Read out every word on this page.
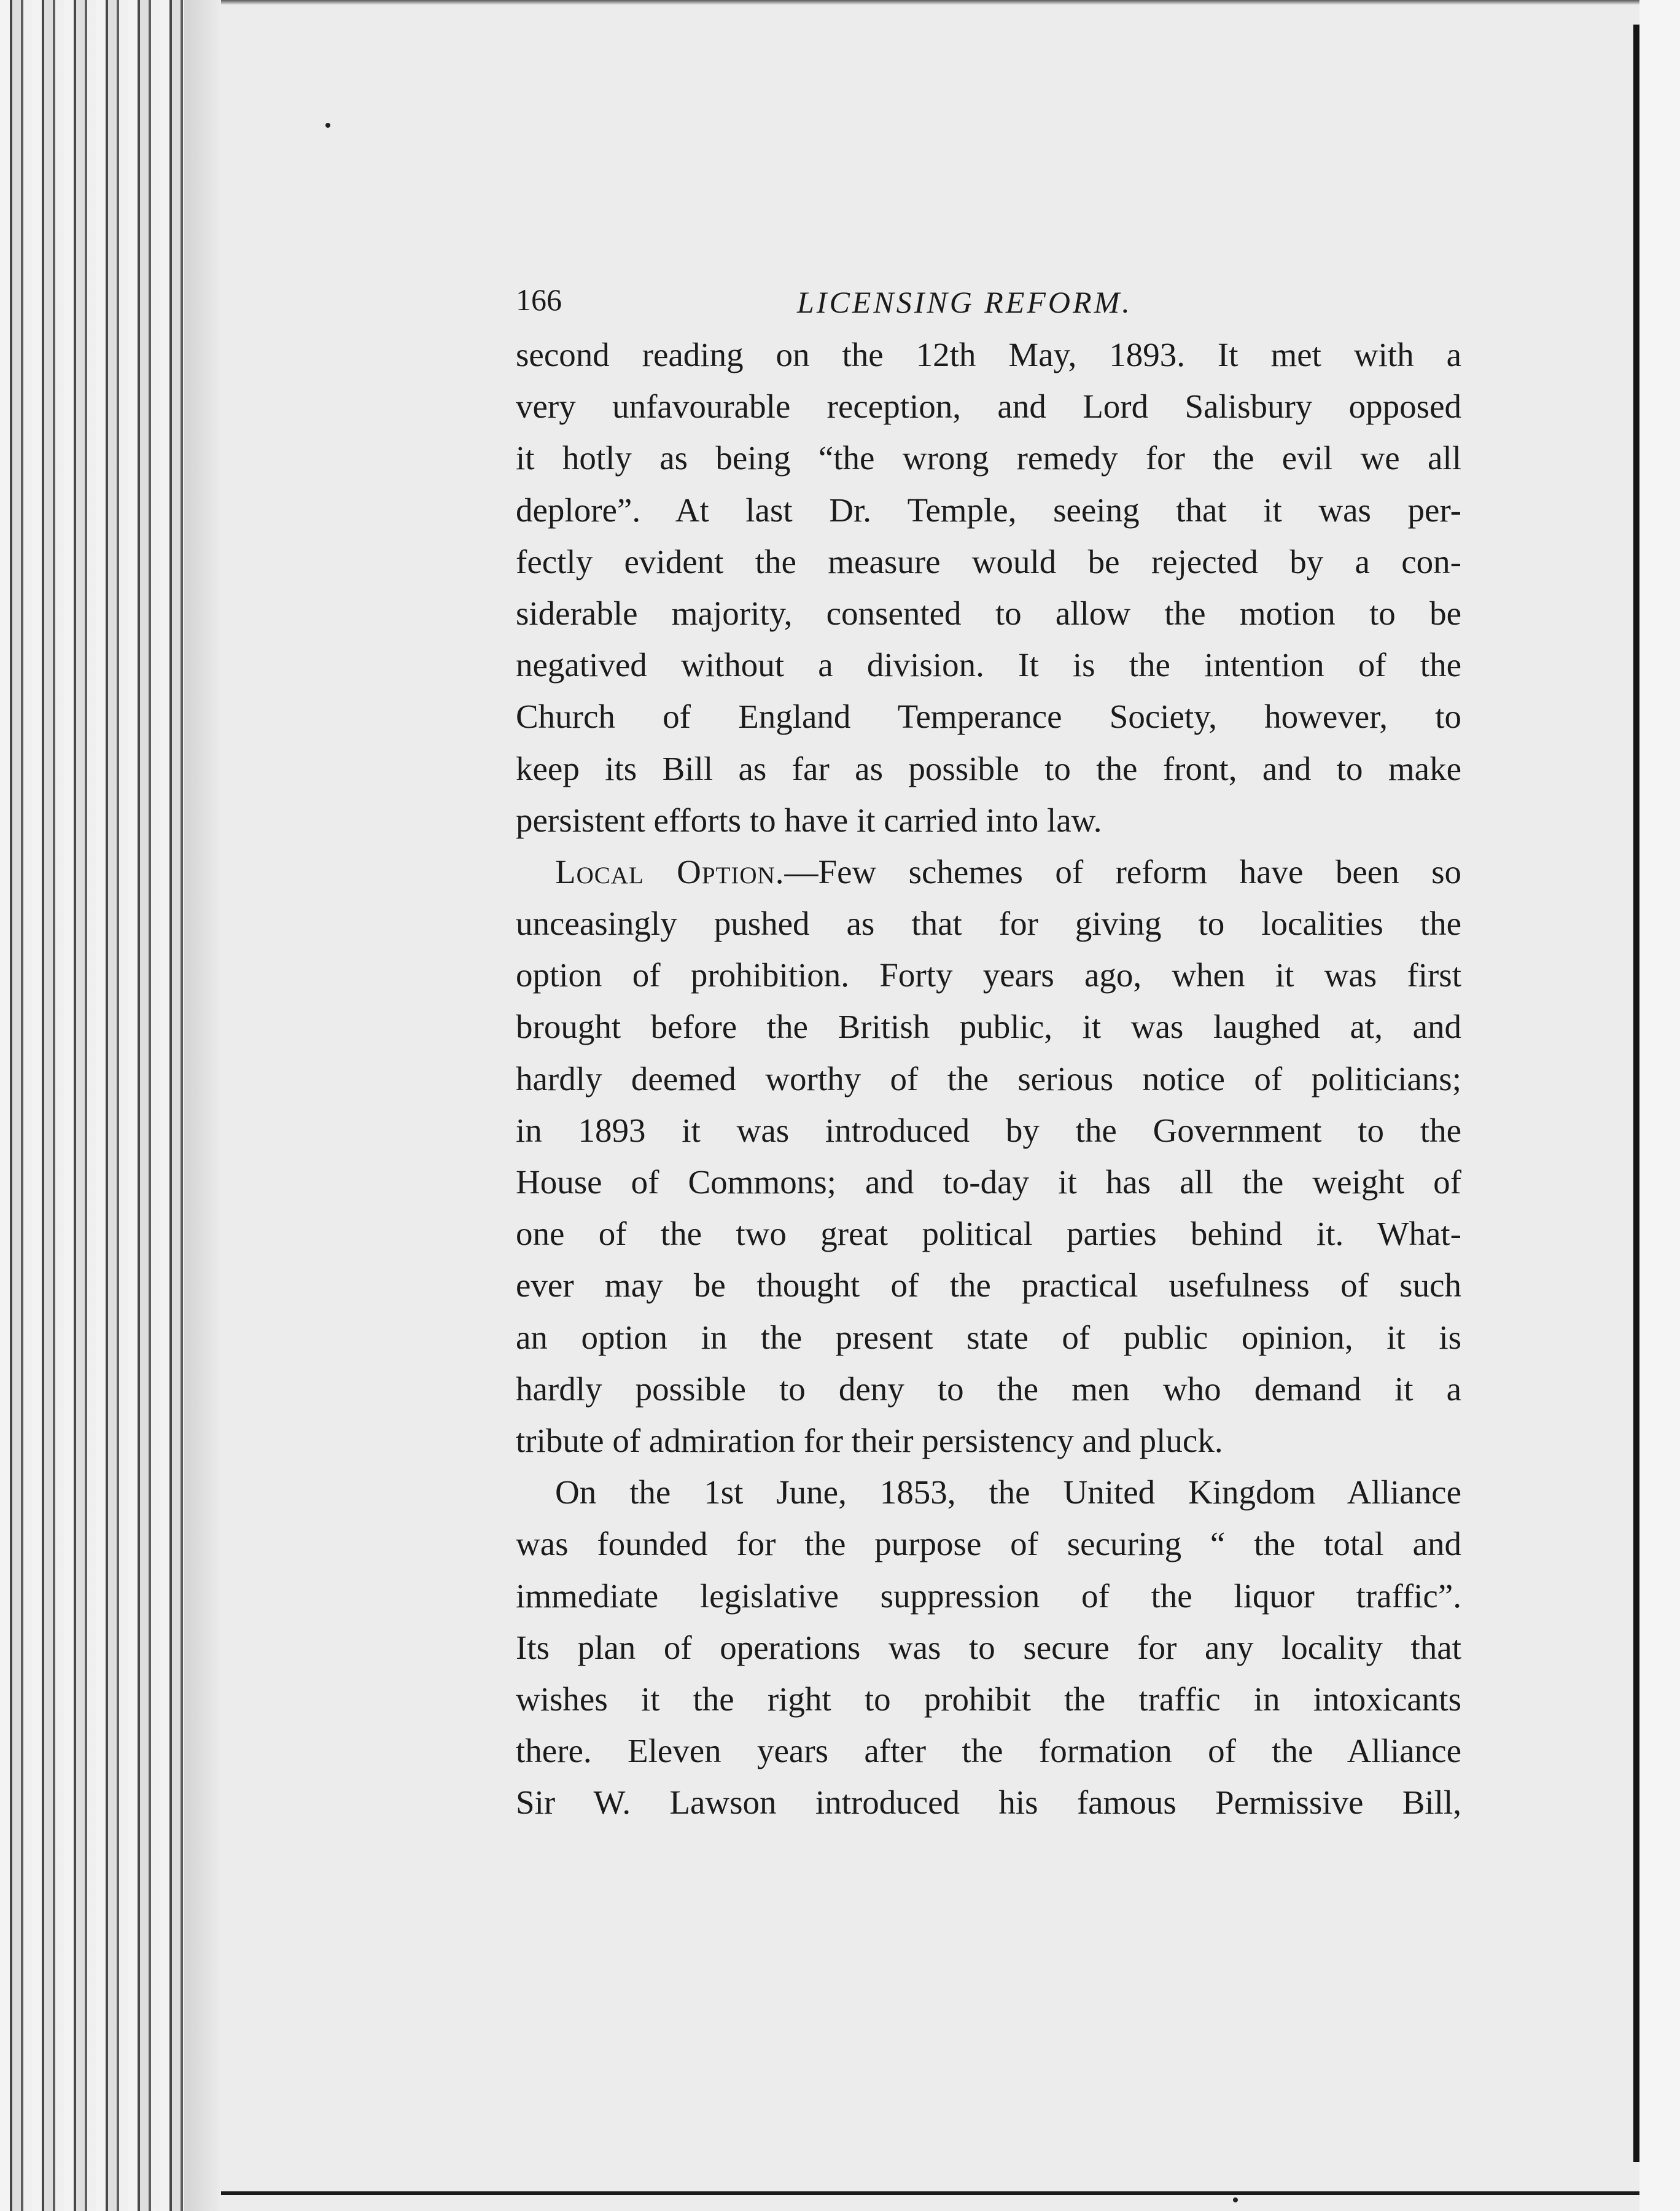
166	LICENSING REFORM.
second reading on the 12th May, 1893. It met with a
very unfavourable reception, and Lord Salisbury opposed
it hotly as being “the wrong remedy for the evil we all
deplore”. At last Dr. Temple, seeing that it was per-
fectly evident the measure would be rejected by a con-
siderable majority, consented to allow the motion to be
negatived without a division. It is the intention of the
Church of England Temperance Society, however, to
keep its Bill as far as possible to the front, and to make
persistent efforts to have it carried into law.
Local Option.—Few schemes of reform have been so
unceasingly pushed as that for giving to localities the
option of prohibition. Forty years ago, when it was first
brought before the British public, it was laughed at, and
hardly deemed worthy of the serious notice of politicians;
in 1893 it was introduced by the Government to the
House of Commons; and to-day it has all the weight of
one of the two great political parties behind it. What-
ever may be thought of the practical usefulness of such
an option in the present state of public opinion, it is
hardly possible to deny to the men who demand it a
tribute of admiration for their persistency and pluck.
On the 1st June, 1853, the United Kingdom Alliance
was founded for the purpose of securing “ the total and
immediate legislative suppression of the liquor traffic”.
Its plan of operations was to secure for any locality that
wishes it the right to prohibit the traffic in intoxicants
there. Eleven years after the formation of the Alliance
Sir W. Lawson introduced his famous Permissive Bill,
